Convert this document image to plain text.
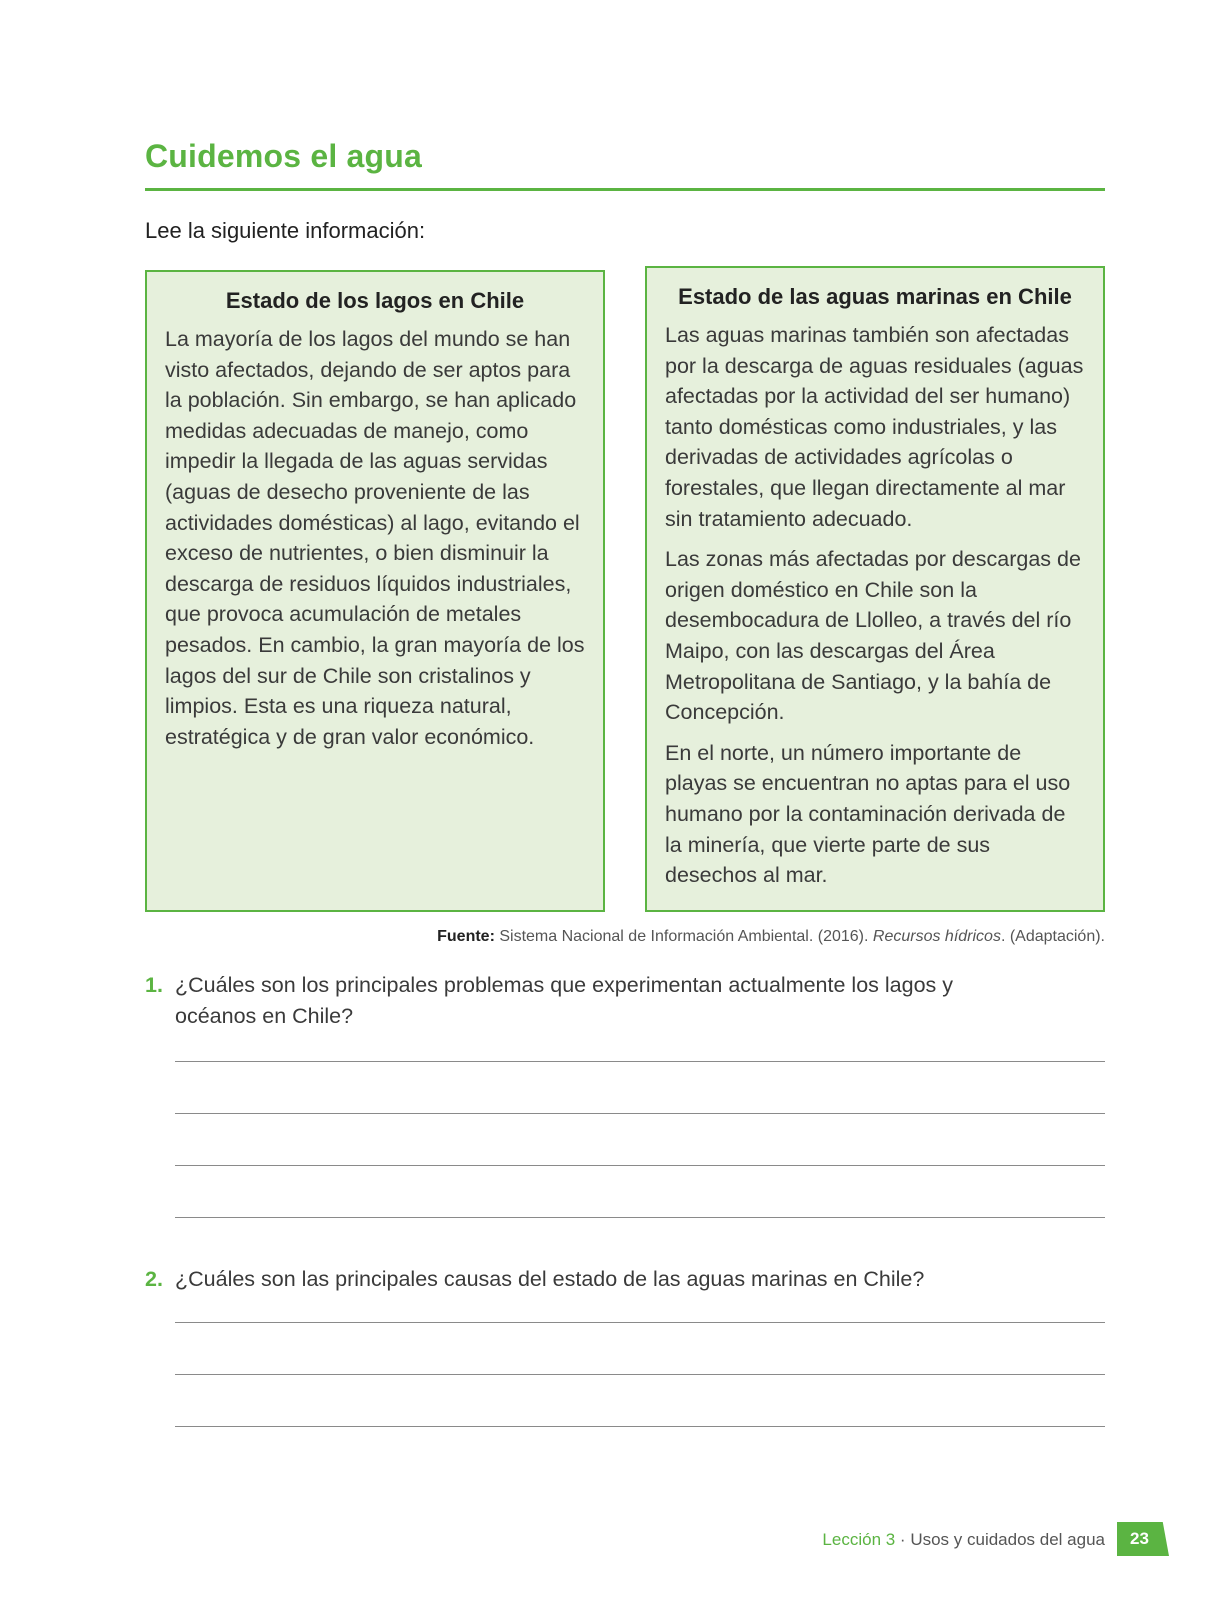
Cuidemos el agua
Lee la siguiente información:
Estado de los lagos en Chile

La mayoría de los lagos del mundo se han visto afectados, dejando de ser aptos para la población. Sin embargo, se han aplicado medidas adecuadas de manejo, como impedir la llegada de las aguas servidas (aguas de desecho proveniente de las actividades domésticas) al lago, evitando el exceso de nutrientes, o bien disminuir la descarga de residuos líquidos industriales, que provoca acumulación de metales pesados. En cambio, la gran mayoría de los lagos del sur de Chile son cristalinos y limpios. Esta es una riqueza natural, estratégica y de gran valor económico.

Estado de las aguas marinas en Chile

Las aguas marinas también son afectadas por la descarga de aguas residuales (aguas afectadas por la actividad del ser humano) tanto domésticas como industriales, y las derivadas de actividades agrícolas o forestales, que llegan directamente al mar sin tratamiento adecuado.

Las zonas más afectadas por descargas de origen doméstico en Chile son la desembocadura de Llolleo, a través del río Maipo, con las descargas del Área Metropolitana de Santiago, y la bahía de Concepción.

En el norte, un número importante de playas se encuentran no aptas para el uso humano por la contaminación derivada de la minería, que vierte parte de sus desechos al mar.

Fuente: Sistema Nacional de Información Ambiental. (2016). Recursos hídricos. (Adaptación).
1. ¿Cuáles son los principales problemas que experimentan actualmente los lagos y océanos en Chile?
2. ¿Cuáles son las principales causas del estado de las aguas marinas en Chile?
Lección 3 · Usos y cuidados del agua 23
